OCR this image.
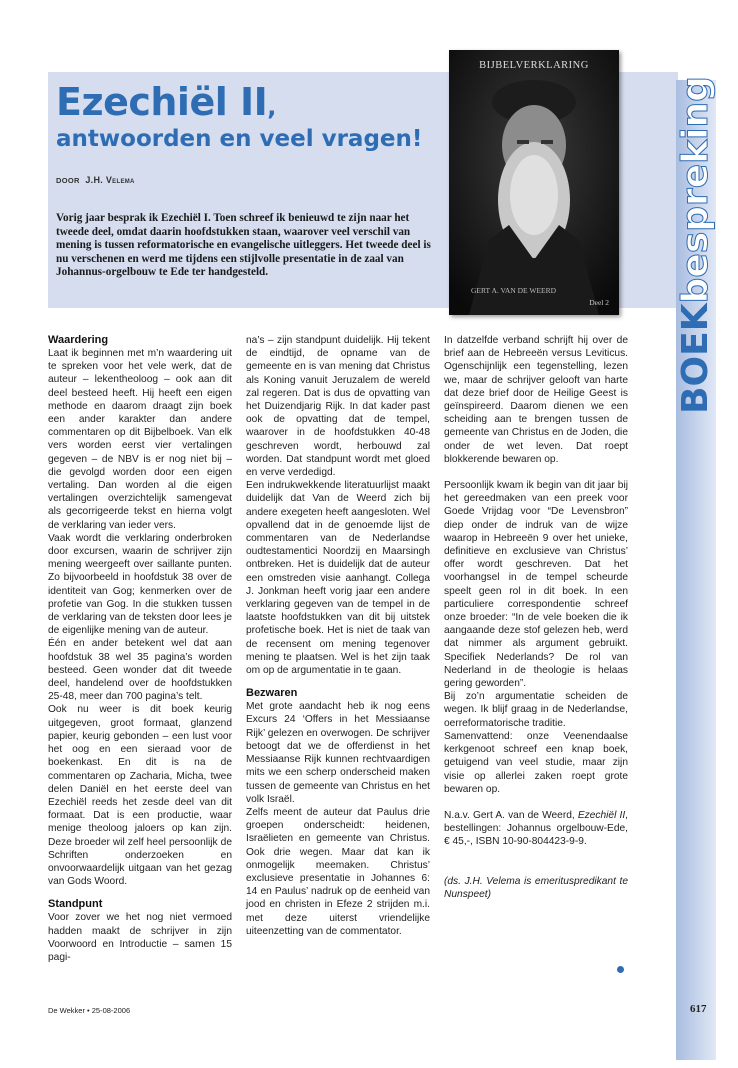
Ezechiël II,
antwoorden en veel vragen!
DOOR J.H. Velema

Vorig jaar besprak ik Ezechiël I. Toen schreef ik benieuwd te zijn naar het tweede deel, omdat daarin hoofdstukken staan, waarover veel verschil van mening is tussen reformatorische en evangelische uitleggers. Het tweede deel is nu verschenen en werd me tijdens een stijlvolle presentatie in de zaal van Johannus-orgelbouw te Ede ter handgesteld.

BIJBELVERKLARING
GERT A. VAN DE WEERD
Deel 2
BOEKbespreking
Waardering

Laat ik beginnen met m’n waardering uit te spreken voor het vele werk, dat de auteur – lekentheoloog – ook aan dit deel besteed heeft. Hij heeft een eigen methode en daarom draagt zijn boek een ander karakter dan andere commentaren op dit Bijbelboek. Van elk vers worden eerst vier vertalingen gegeven – de NBV is er nog niet bij – die gevolgd worden door een eigen vertaling. Dan worden al die eigen vertalingen overzichtelijk samengevat als gecorrigeerde tekst en hierna volgt de verklaring van ieder vers.

Vaak wordt die verklaring onderbroken door excursen, waarin de schrijver zijn mening weergeeft over saillante punten. Zo bijvoorbeeld in hoofdstuk 38 over de identiteit van Gog; kenmerken over de profetie van Gog. In die stukken tussen de verklaring van de teksten door lees je de eigenlijke mening van de auteur.

Één en ander betekent wel dat aan hoofdstuk 38 wel 35 pagina’s worden besteed. Geen wonder dat dit tweede deel, handelend over de hoofdstukken 25-48, meer dan 700 pagina’s telt.

Ook nu weer is dit boek keurig uitgegeven, groot formaat, glanzend papier, keurig gebonden – een lust voor het oog en een sieraad voor de boekenkast. En dit is na de commentaren op Zacharia, Micha, twee delen Daniël en het eerste deel van Ezechiël reeds het zesde deel van dit formaat. Dat is een productie, waar menige theoloog jaloers op kan zijn. Deze broeder wil zelf heel persoonlijk de Schriften onderzoeken en onvoorwaardelijk uitgaan van het gezag van Gods Woord.

Standpunt

Voor zover we het nog niet vermoed hadden maakt de schrijver in zijn Voorwoord en Introductie – samen 15 pagi-

na’s – zijn standpunt duidelijk. Hij tekent de eindtijd, de opname van de gemeente en is van mening dat Christus als Koning vanuit Jeruzalem de wereld zal regeren. Dat is dus de opvatting van het Duizendjarig Rijk. In dat kader past ook de opvatting dat de tempel, waarover in de hoofdstukken 40-48 geschreven wordt, herbouwd zal worden. Dat standpunt wordt met gloed en verve verdedigd.

Een indrukwekkende literatuurlijst maakt duidelijk dat Van de Weerd zich bij andere exegeten heeft aangesloten. Wel opvallend dat in de genoemde lijst de commentaren van de Nederlandse oudtestamentici Noordzij en Maarsingh ontbreken. Het is duidelijk dat de auteur een omstreden visie aanhangt. Collega J. Jonkman heeft vorig jaar een andere verklaring gegeven van de tempel in de laatste hoofdstukken van dit bij uitstek profetische boek. Het is niet de taak van de recensent om mening tegenover mening te plaatsen. Wel is het zijn taak om op de argumentatie in te gaan.

Bezwaren

Met grote aandacht heb ik nog eens Excurs 24 ‘Offers in het Messiaanse Rijk’ gelezen en overwogen. De schrijver betoogt dat we de offerdienst in het Messiaanse Rijk kunnen rechtvaardigen mits we een scherp onderscheid maken tussen de gemeente van Christus en het volk Israël.

Zelfs meent de auteur dat Paulus drie groepen onderscheidt: heidenen, Israëlieten en gemeente van Christus. Ook drie wegen. Maar dat kan ik onmogelijk meemaken. Christus’ exclusieve presentatie in Johannes 6: 14 en Paulus’ nadruk op de eenheid van jood en christen in Efeze 2 strijden m.i. met deze uiterst vriendelijke uiteenzetting van de commentator.

In datzelfde verband schrijft hij over de brief aan de Hebreeën versus Leviticus. Ogenschijnlijk een tegenstelling, lezen we, maar de schrijver gelooft van harte dat deze brief door de Heilige Geest is geïnspireerd. Daarom dienen we een scheiding aan te brengen tussen de gemeente van Christus en de Joden, die onder de wet leven. Dat roept blokkerende bewaren op.

Persoonlijk kwam ik begin van dit jaar bij het gereedmaken van een preek voor Goede Vrijdag voor “De Levensbron” diep onder de indruk van de wijze waarop in Hebreeën 9 over het unieke, definitieve en exclusieve van Christus’ offer wordt geschreven. Dat het voorhangsel in de tempel scheurde speelt geen rol in dit boek. In een particuliere correspondentie schreef onze broeder: “In de vele boeken die ik aangaande deze stof gelezen heb, werd dat nimmer als argument gebruikt. Specifiek Nederlands? De rol van Nederland in de theologie is helaas gering geworden”.

Bij zo’n argumentatie scheiden de wegen. Ik blijf graag in de Nederlandse, oerreformatorische traditie.

Samenvattend: onze Veenendaalse kerkgenoot schreef een knap boek, getuigend van veel studie, maar zijn visie op allerlei zaken roept grote bewaren op.

N.a.v. Gert A. van de Weerd, Ezechiël II, bestellingen: Johannus orgelbouw-Ede, € 45,-, ISBN 10-90-804423-9-9.

(ds. J.H. Velema is emerituspredikant te Nunspeet)

De Wekker • 25-08-2006	617
